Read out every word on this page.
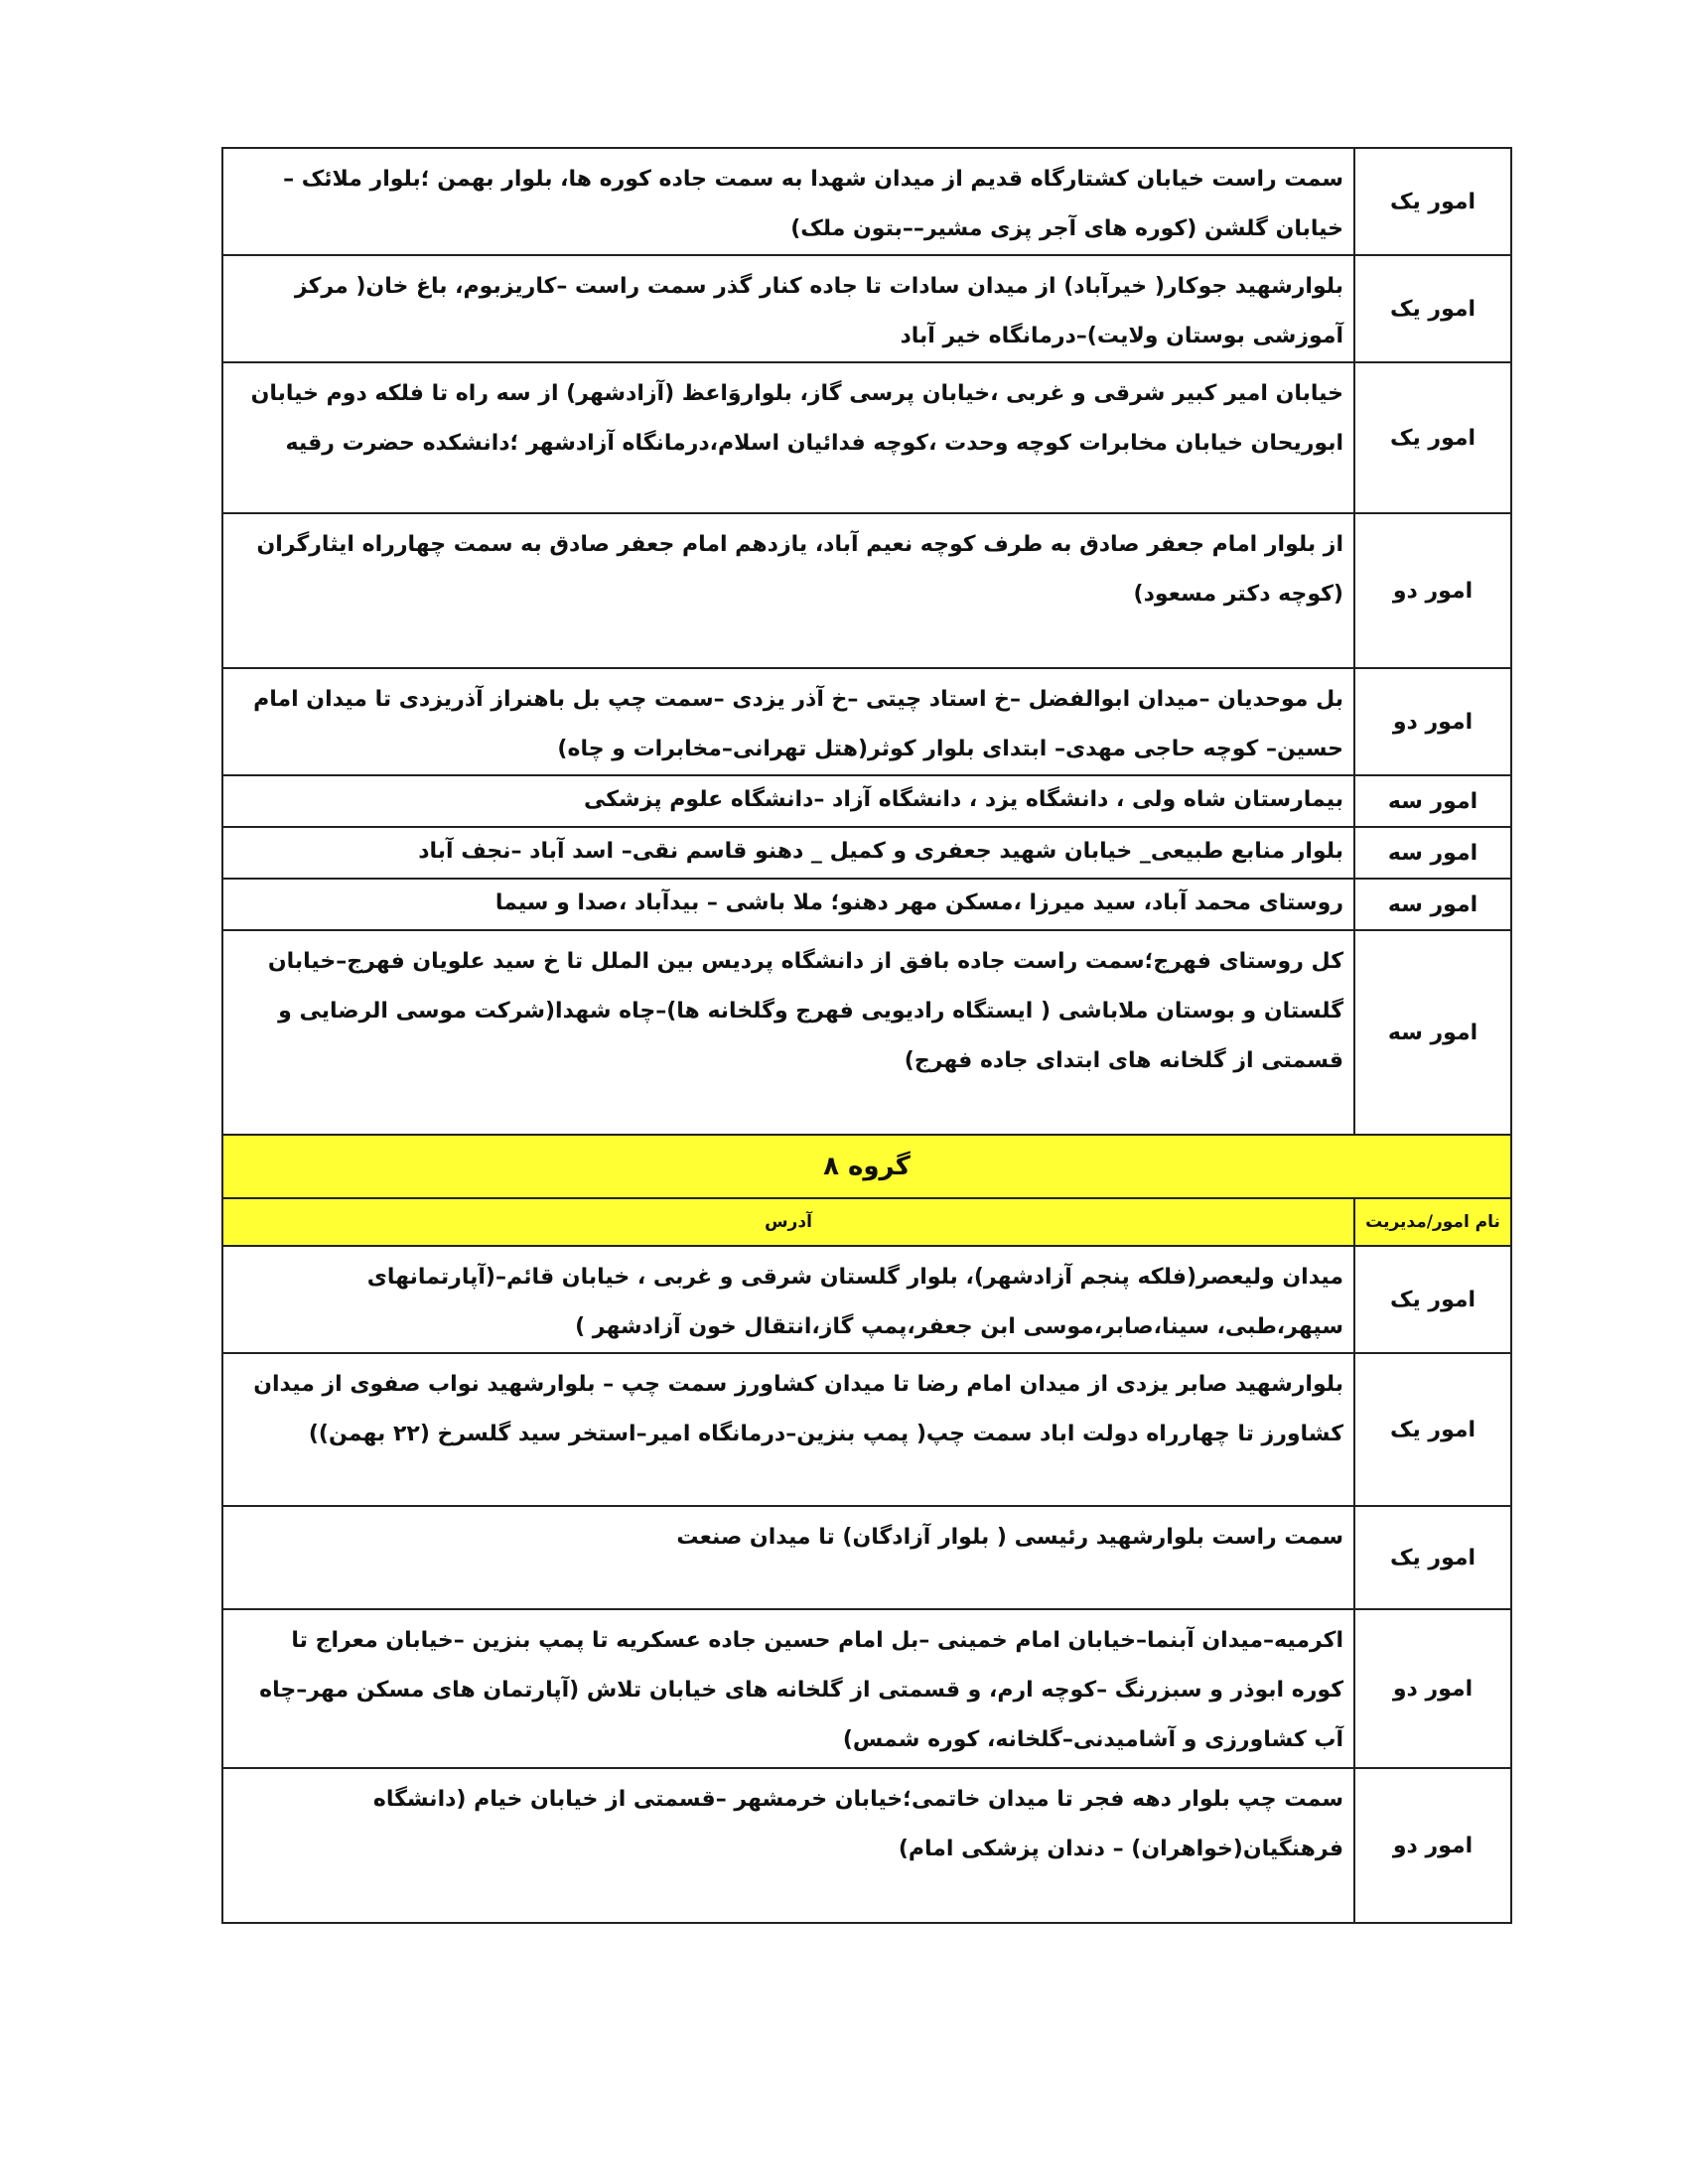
امور یک	سمت راست خیابان کشتارگاه قدیم از میدان شهدا به سمت جاده کوره ها، بلوار بهمن ؛بلوار ملائک –خیابان گلشن (کوره های آجر پزی مشیر––بتون ملک)
امور یک	بلوارشهید جوکار( خیرآباد) از میدان سادات تا جاده کنار گذر سمت راست –کاریزبوم، باغ خان( مرکز آموزشی بوستان ولایت)–درمانگاه خیر آباد
امور یک	خیابان امیر کبیر شرقی و غربی ،خیابان پرسی گاز، بلواروَاعظ (آزادشهر) از سه راه تا فلکه دوم خیابان ابوریحان خیابان مخابرات کوچه وحدت ،کوچه فدائیان اسلام،درمانگاه آزادشهر ؛دانشکده حضرت رقیه
امور دو	از بلوار امام جعفر صادق به طرف کوچه نعیم آباد، یازدهم امام جعفر صادق به سمت چهارراه ایثارگران (کوچه دکتر مسعود)
امور دو	بل موحدیان –میدان ابوالفضل –خ استاد چیتی –خ آذر یزدی –سمت چپ بل باهنراز آذریزدی تا میدان امام حسین– کوچه حاجی مهدی– ابتدای بلوار کوثر(هتل تهرانی–مخابرات و چاه)
امور سه	بیمارستان شاه ولی ، دانشگاه یزد ، دانشگاه آزاد –دانشگاه علوم پزشکی
امور سه	بلوار منابع طبیعی_ خیابان شهید جعفری و کمیل _ دهنو قاسم نقی– اسد آباد –نجف آباد
امور سه	روستای محمد آباد، سید میرزا ،مسکن مهر دهنو؛ ملا باشی – بیدآباد ،صدا و سیما
امور سه	کل روستای فهرج؛سمت راست جاده بافق از دانشگاه پردیس بین الملل تا خ سید علویان فهرج–خیابان گلستان و بوستان ملاباشی ( ایستگاه رادیویی فهرج وگلخانه ها)–چاه شهدا(شرکت موسی الرضایی و قسمتی از گلخانه های ابتدای جاده فهرج)
گروه ۸	
نام امور/مدیریت	آدرس
امور یک	میدان ولیعصر(فلکه پنجم آزادشهر)، بلوار گلستان شرقی و غربی ، خیابان قائم–(آپارتمانهای سپهر،طبی، سینا،صابر،موسی ابن جعفر،پمپ گاز،انتقال خون آزادشهر )
امور یک	بلوارشهید صابر یزدی از میدان امام رضا تا میدان کشاورز سمت چپ – بلوارشهید نواب صفوی از میدان کشاورز تا چهارراه دولت اباد سمت چپ( پمپ بنزین–درمانگاه امیر–استخر سید گلسرخ (۲۲ بهمن))
امور یک	سمت راست بلوارشهید رئیسی ( بلوار آزادگان) تا میدان صنعت
امور دو	اکرمیه–میدان آبنما–خیابان امام خمینی –بل امام حسین جاده عسکریه تا پمپ بنزین –خیابان معراج تا کوره ابوذر و سبزرنگ –کوچه ارم، و قسمتی از گلخانه های خیابان تلاش (آپارتمان های مسکن مهر–چاه آب کشاورزی و آشامیدنی–گلخانه، کوره شمس)
امور دو	سمت چپ بلوار دهه فجر تا میدان خاتمی؛خیابان خرمشهر –قسمتی از خیابان خیام (دانشگاه فرهنگیان(خواهران) – دندان پزشکی امام)
